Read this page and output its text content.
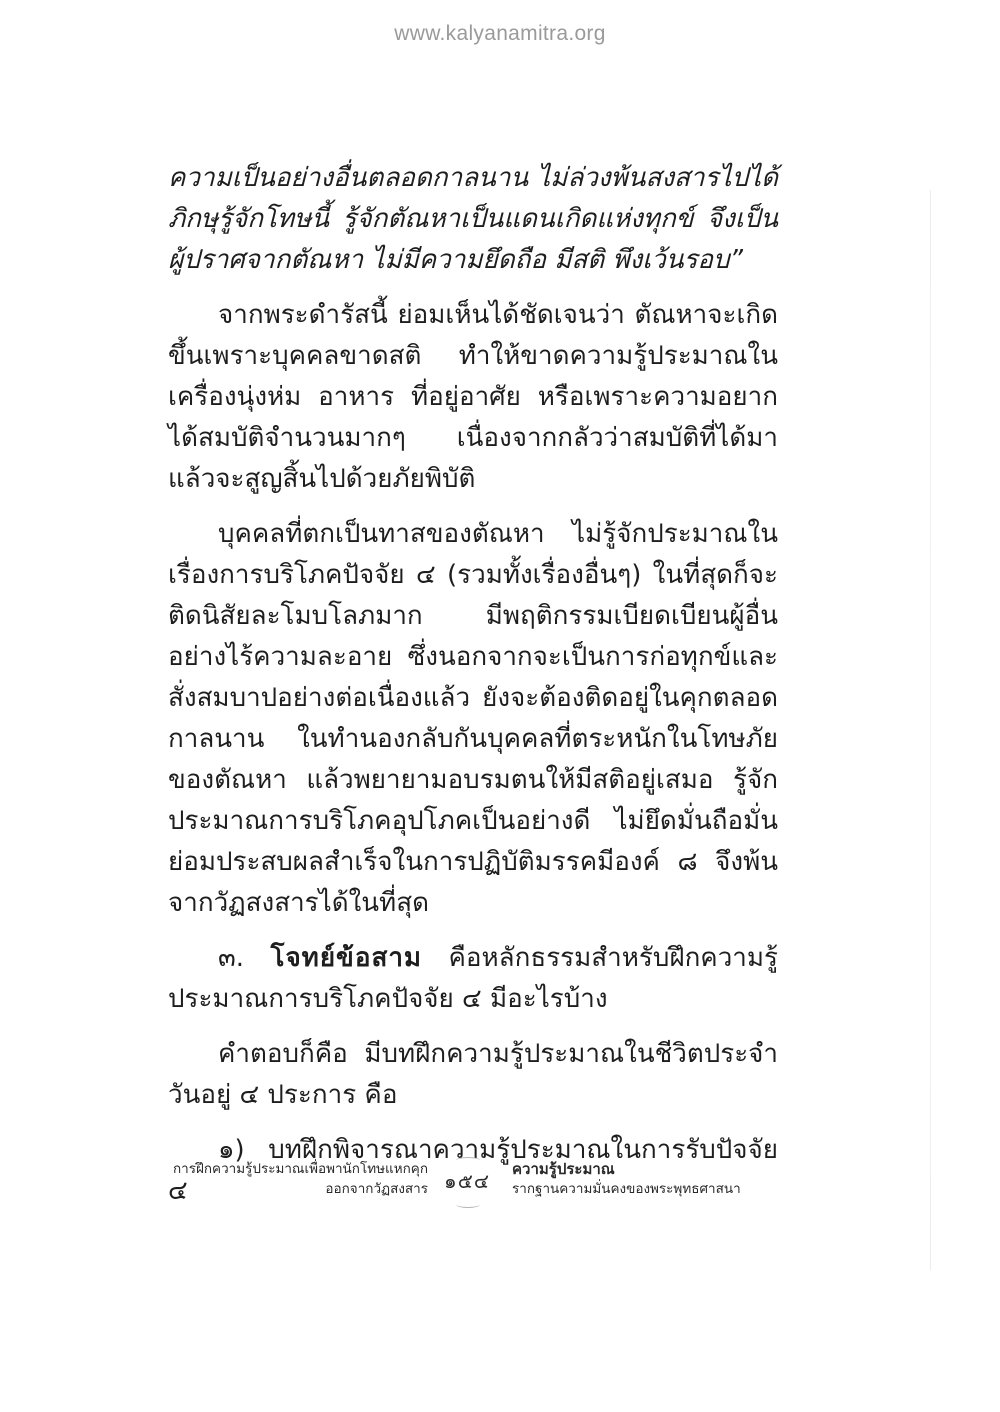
www.kalyanamitra.org

ความเป็นอย่างอื่นตลอดกาลนาน ไม่ล่วงพ้นสงสารไปได้ ภิกษุรู้จักโทษนี้ รู้จักตัณหาเป็นแดนเกิดแห่งทุกข์ จึงเป็นผู้ปราศจากตัณหา ไม่มีความยึดถือ มีสติ พึงเว้นรอบ”

จากพระดำรัสนี้ ย่อมเห็นได้ชัดเจนว่า ตัณหาจะเกิดขึ้นเพราะบุคคลขาดสติ ทำให้ขาดความรู้ประมาณในเครื่องนุ่งห่ม อาหาร ที่อยู่อาศัย หรือเพราะความอยากได้สมบัติจำนวนมากๆ เนื่องจากกลัวว่าสมบัติที่ได้มาแล้วจะสูญสิ้นไปด้วยภัยพิบัติ

บุคคลที่ตกเป็นทาสของตัณหา ไม่รู้จักประมาณในเรื่องการบริโภคปัจจัย ๔ (รวมทั้งเรื่องอื่นๆ) ในที่สุดก็จะติดนิสัยละโมบโลภมาก มีพฤติกรรมเบียดเบียนผู้อื่นอย่างไร้ความละอาย ซึ่งนอกจากจะเป็นการก่อทุกข์และสั่งสมบาปอย่างต่อเนื่องแล้ว ยังจะต้องติดอยู่ในคุกตลอดกาลนาน ในทำนองกลับกันบุคคลที่ตระหนักในโทษภัยของตัณหา แล้วพยายามอบรมตนให้มีสติอยู่เสมอ รู้จักประมาณการบริโภคอุปโภคเป็นอย่างดี ไม่ยึดมั่นถือมั่น ย่อมประสบผลสำเร็จในการปฏิบัติมรรคมีองค์ ๘ จึงพ้นจากวัฏสงสารได้ในที่สุด

๓. โจทย์ข้อสาม คือหลักธรรมสำหรับฝึกความรู้ประมาณการบริโภคปัจจัย ๔ มีอะไรบ้าง

คำตอบก็คือ มีบทฝึกความรู้ประมาณในชีวิตประจำวันอยู่ ๔ ประการ คือ

๑) บทฝึกพิจารณาความรู้ประมาณในการรับปัจจัย ๔

การฝึกความรู้ประมาณเพื่อพานักโทษแหกคุก
ออกจากวัฏสงสาร ๑๕๔	ความรู้ประมาณ
รากฐานความมั่นคงของพระพุทธศาสนา
